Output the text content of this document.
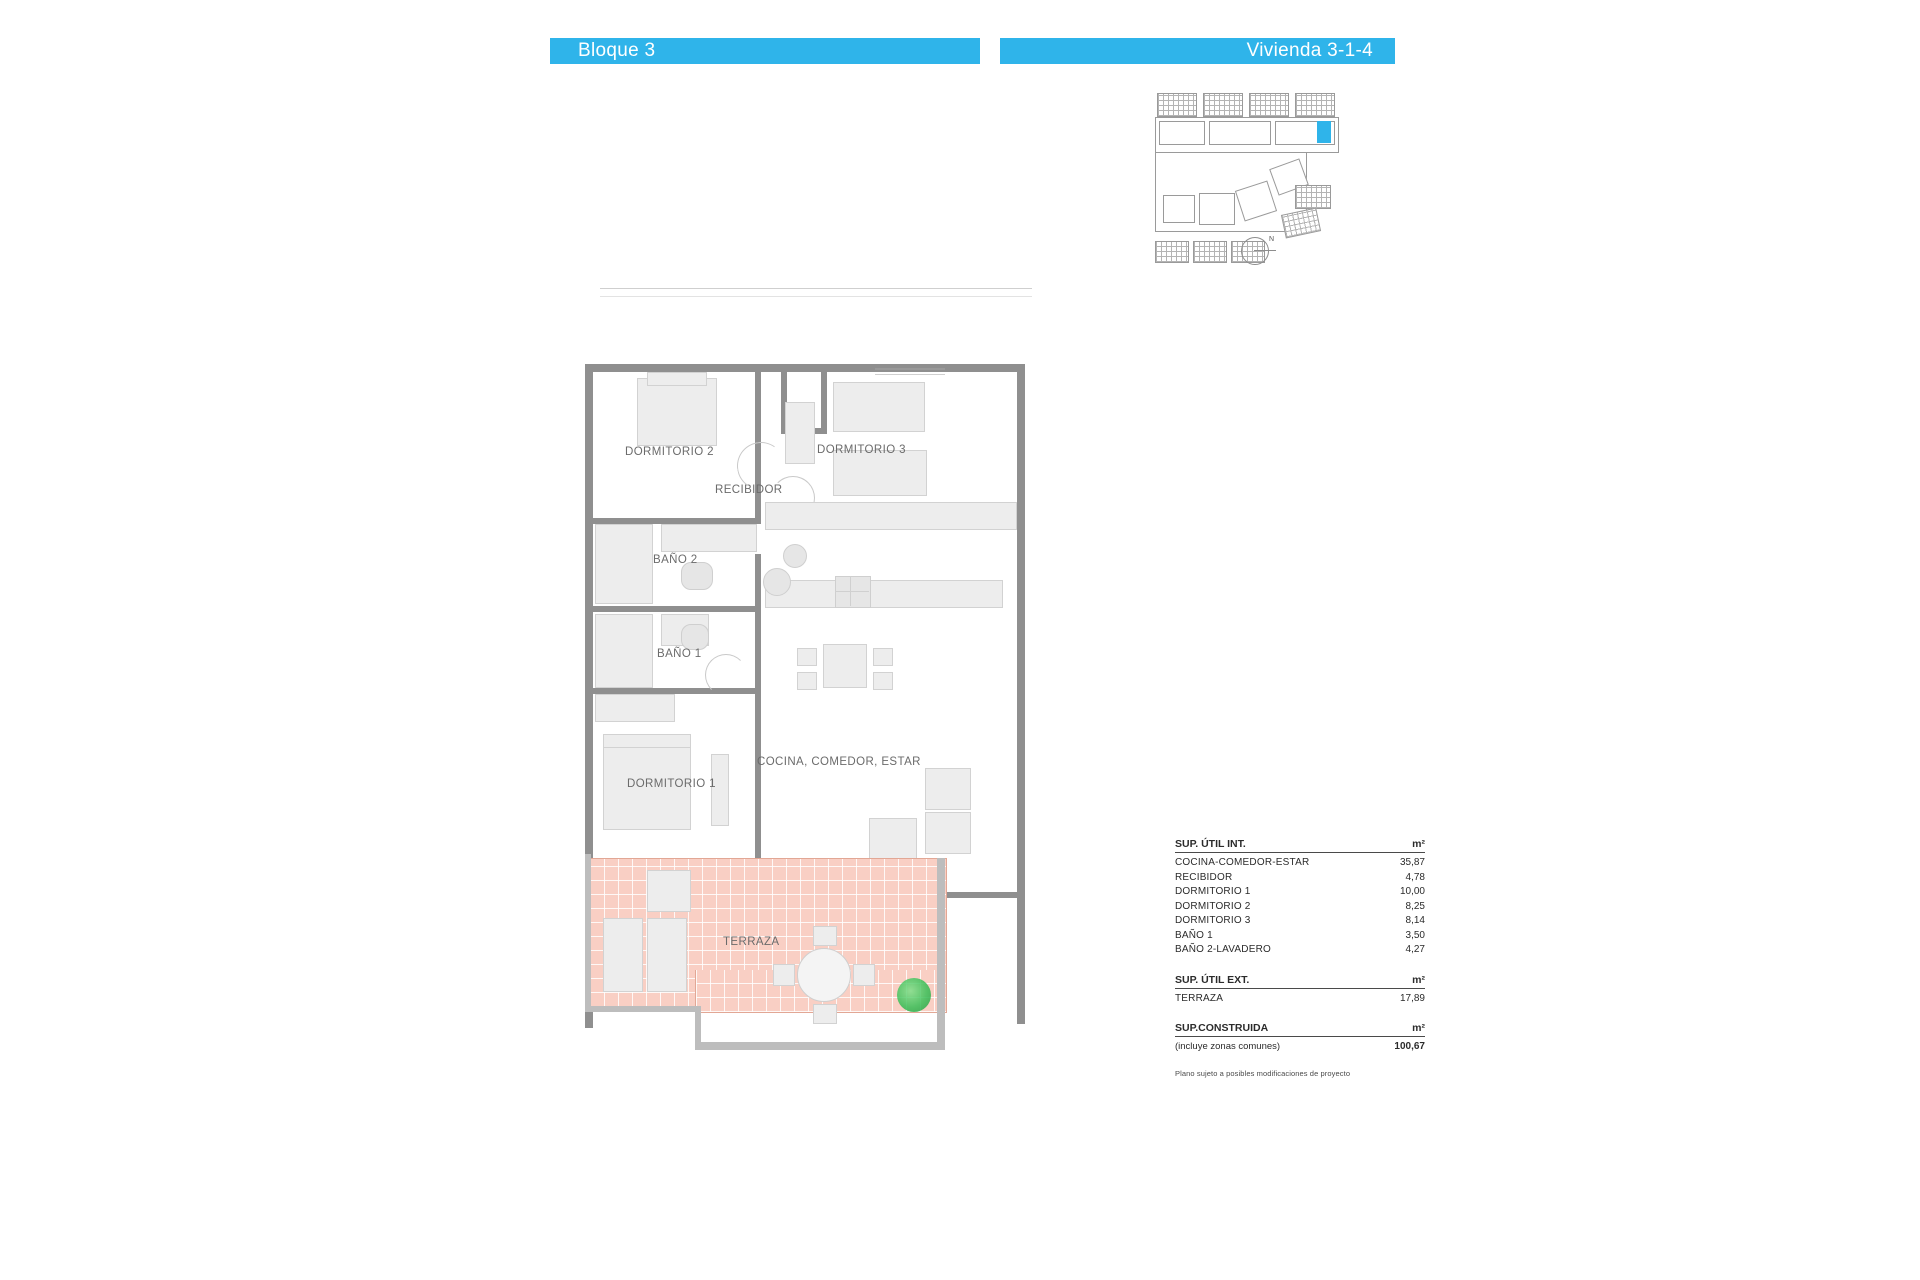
Bloque 3	Vivienda 3-1-4
N
DORMITORIO 2	DORMITORIO 3
RECIBIDOR
BAÑO 2
BAÑO 1
DORMITORIO 1
COCINA, COMEDOR, ESTAR
TERRAZA
SUP. ÚTIL INT.	m²
COCINA-COMEDOR-ESTAR	35,87
RECIBIDOR	4,78
DORMITORIO 1	10,00
DORMITORIO 2	8,25
DORMITORIO 3	8,14
BAÑO 1	3,50
BAÑO 2-LAVADERO	4,27
SUP. ÚTIL EXT.	m²
TERRAZA	17,89
SUP.CONSTRUIDA	m²
(incluye zonas comunes)	100,67
Plano sujeto a posibles modificaciones de proyecto
